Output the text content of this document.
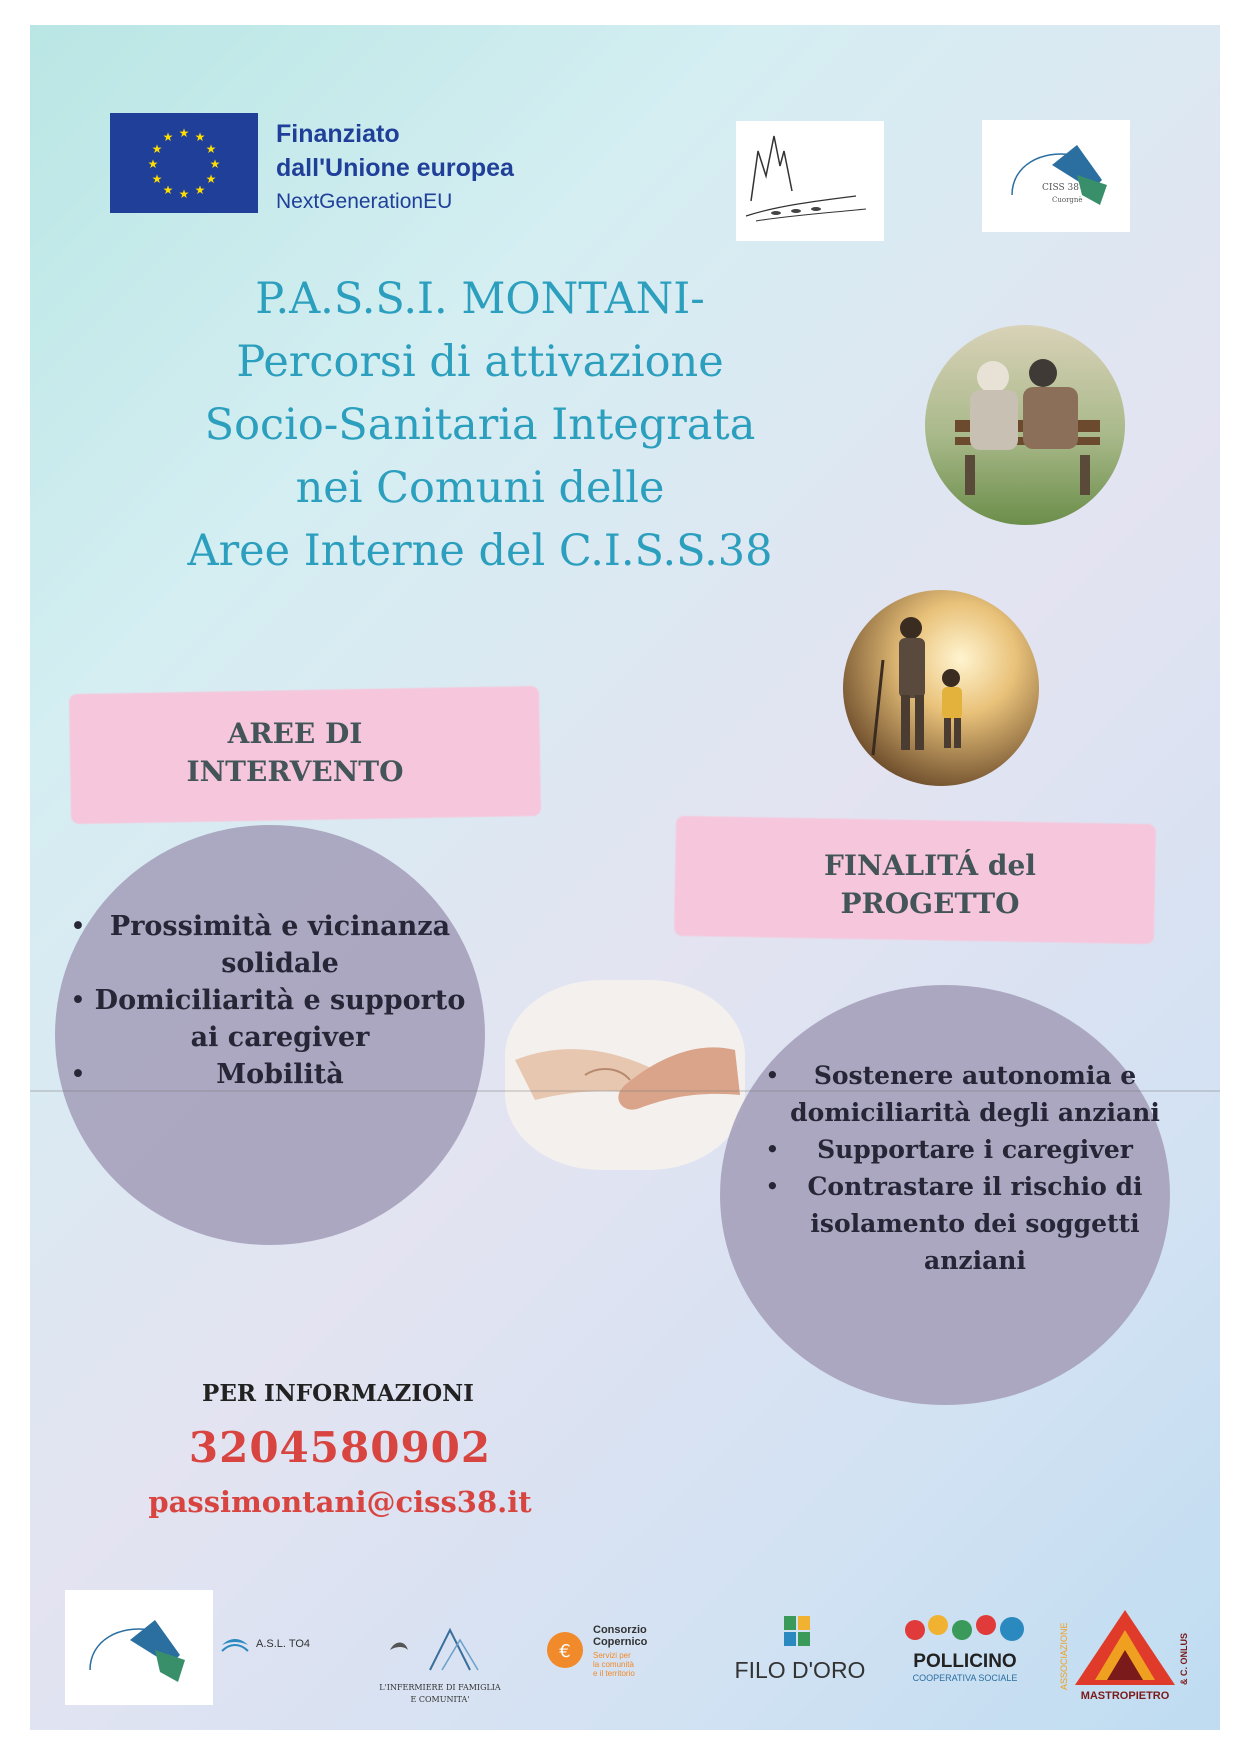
★ ★
★
★
★
★
★
★
★
★
★
★	Finanziato
dall'Unione europea
NextGenerationEU
CISS 38
Cuorgnè
P.A.S.S.I. MONTANI-
Percorsi di attivazione
Socio-Sanitaria Integrata
nei Comuni delle
Aree Interne del C.I.S.S.38
AREE DI
INTERVENTO
• Prossimità e vicinanza solidale
• Domiciliarità e supporto ai caregiver
•	Mobilità
FINALITÁ del
PROGETTO
• Sostenere autonomia e domiciliarità degli anziani
• Supportare i caregiver
• Contrastare il rischio di isolamento dei soggetti anziani
PER INFORMAZIONI
3204580902
passimontani@ciss38.it
A.S.L. TO4
L'INFERMIERE DI FAMIGLIA
E COMUNITA'
€
Consorzio
Copernico
Servizi per
la comunità
e il territorio	FILO D'ORO	POLLICINO
COOPERATIVA SOCIALE
MASTROPIETRO
ASSOCIAZIONE	& C. ONLUS
